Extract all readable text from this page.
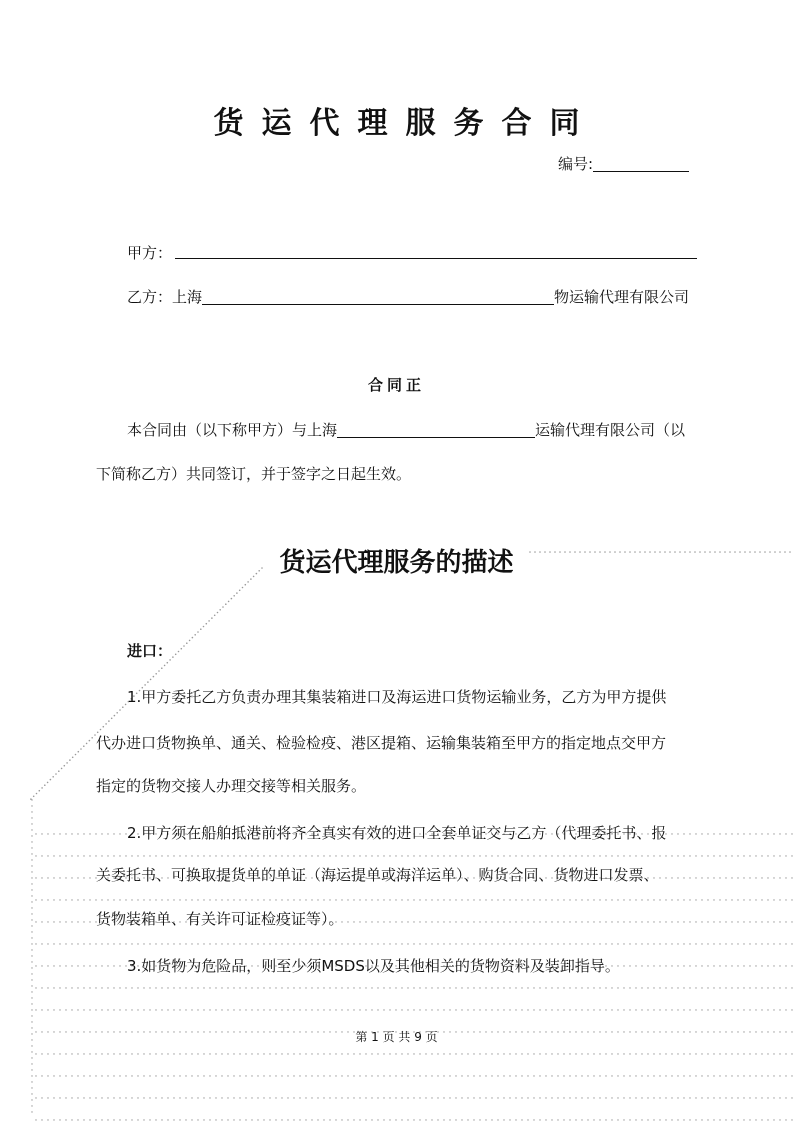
货运代理服务合同
编号:
甲方：
乙方：上海	物运输代理有限公司
合同正
本合同由（以下称甲方）与上海	运输代理有限公司（以
下简称乙方）共同签订，并于签字之日起生效。
货运代理服务的描述
进口：
1.甲方委托乙方负责办理其集装箱进口及海运进口货物运输业务，乙方为甲方提供
代办进口货物换单、通关、检验检疫、港区提箱、运输集装箱至甲方的指定地点交甲方
指定的货物交接人办理交接等相关服务。
2.甲方须在船舶抵港前将齐全真实有效的进口全套单证交与乙方（代理委托书、报
关委托书、可换取提货单的单证（海运提单或海洋运单）、购货合同、货物进口发票、
货物装箱单、有关许可证检疫证等）。
3.如货物为危险品，则至少须MSDS以及其他相关的货物资料及装卸指导。
第 1 页 共 9 页
